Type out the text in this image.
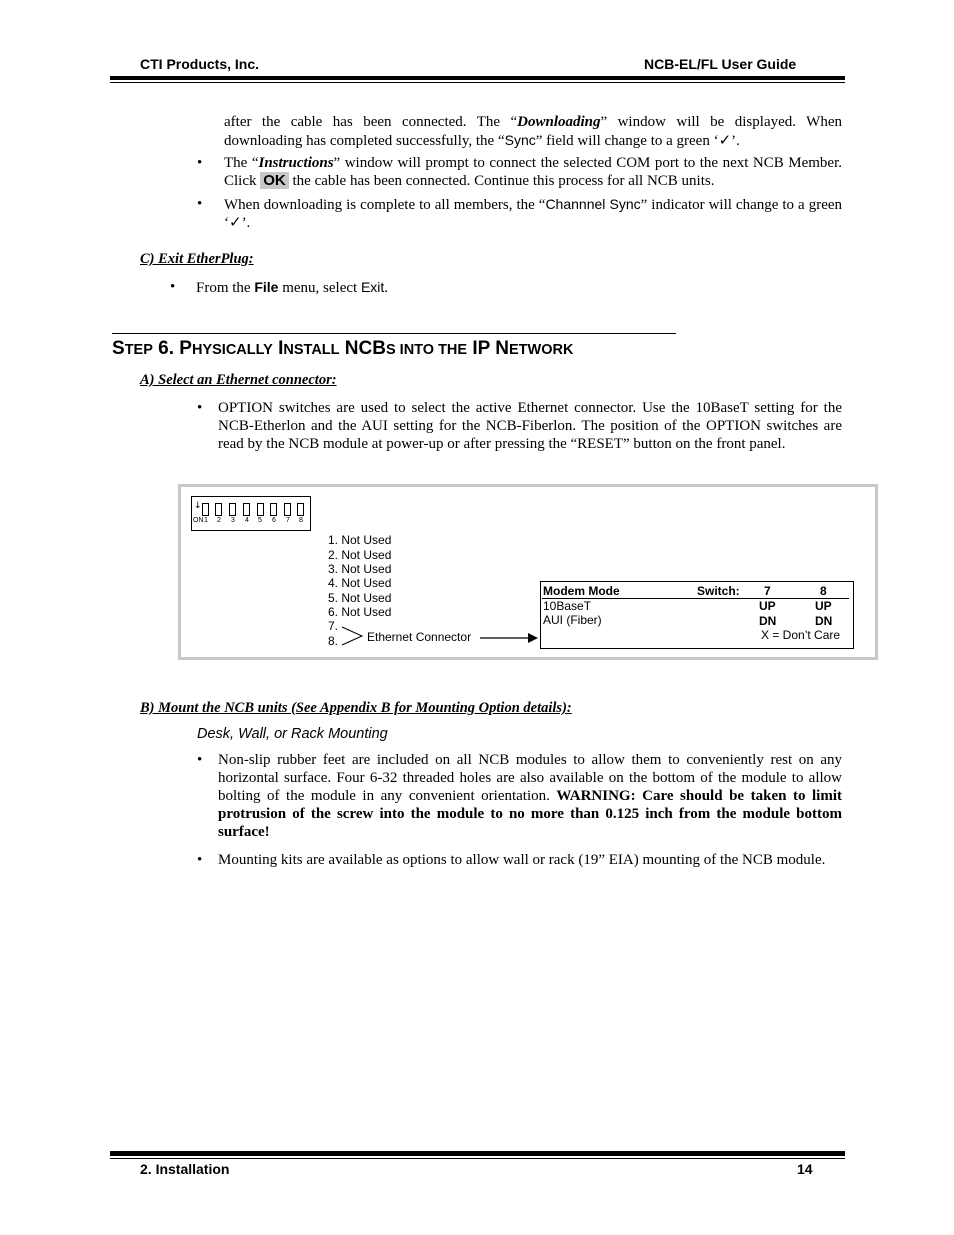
CTI Products, Inc.	NCB-EL/FL User Guide
after the cable has been connected. The “Downloading” window will be displayed. When downloading has completed successfully, the “Sync” field will change to a green ‘✓’.
• The “Instructions” window will prompt to connect the selected COM port to the next NCB Member. Click OK the cable has been connected. Continue this process for all NCB units.
• When downloading is complete to all members, the “Channnel Sync” indicator will change to a green ‘✓’.
C) Exit EtherPlug:
• From the File menu, select Exit.
STEP 6. PHYSICALLY INSTALL NCBS INTO THE IP NETWORK
A) Select an Ethernet connector:
• OPTION switches are used to select the active Ethernet connector. Use the 10BaseT setting for the NCB-Etherlon and the AUI setting for the NCB-Fiberlon. The position of the OPTION switches are read by the NCB module at power-up or after pressing the “RESET” button on the front panel.
↓
ON 1 2 3 4 5 6 7 8
1. Not Used
2. Not Used
3. Not Used
4. Not Used
5. Not Used
6. Not Used
7.
8. Ethernet Connector
Modem Mode	Switch: 7	8
10BaseT	UP	UP
AUI (Fiber)	DN	DN
X = Don’t Care
B) Mount the NCB units (See Appendix B for Mounting Option details):
Desk, Wall, or Rack Mounting
• Non-slip rubber feet are included on all NCB modules to allow them to conveniently rest on any horizontal surface. Four 6-32 threaded holes are also available on the bottom of the module to allow bolting of the module in any convenient orientation. WARNING: Care should be taken to limit protrusion of the screw into the module to no more than 0.125 inch from the module bottom surface!
• Mounting kits are available as options to allow wall or rack (19” EIA) mounting of the NCB module.
2. Installation	14
